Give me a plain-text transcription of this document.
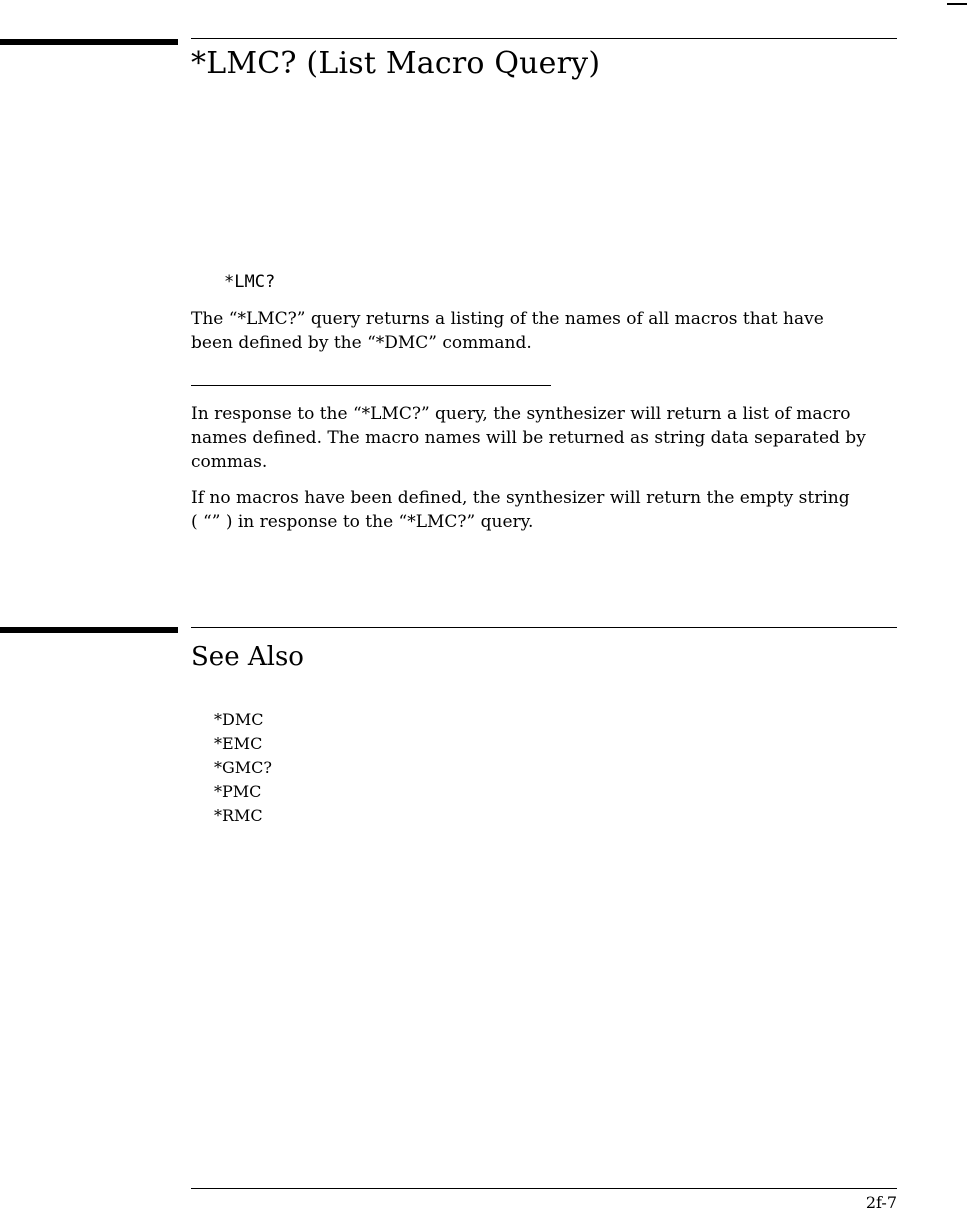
*LMC? (List Macro Query)
*LMC?

The “*LMC?” query returns a listing of the names of all macros that have
been defined by the “*DMC” command.

In response to the “*LMC?” query, the synthesizer will return a list of macro
names defined. The macro names will be returned as string data separated by
commas.

If no macros have been defined, the synthesizer will return the empty string
( “” ) in response to the “*LMC?” query.

See Also
*DMC
*EMC
*GMC?
*PMC
*RMC
2f-7
